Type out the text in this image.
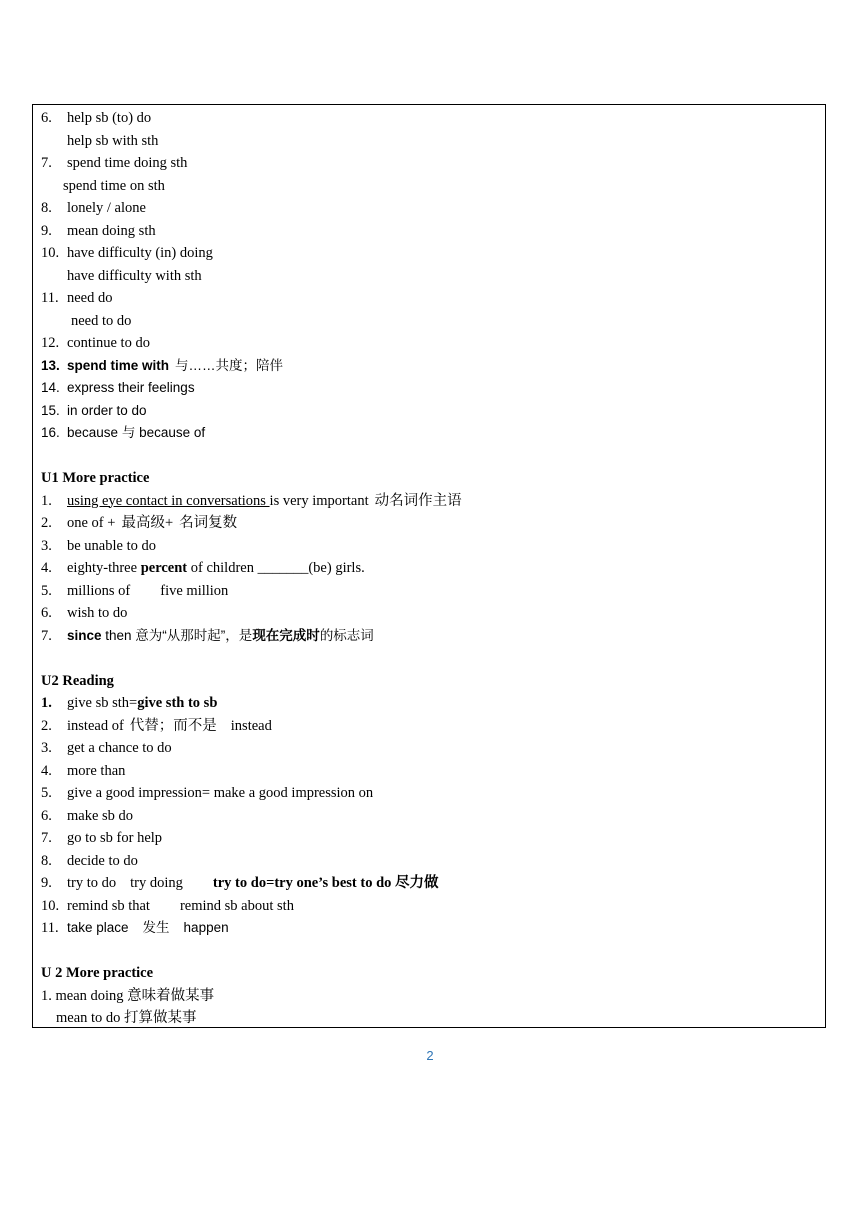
6. help sb (to) do
help sb with sth
7. spend time doing sth
spend time on sth
8. lonely / alone
9. mean doing sth
10. have difficulty (in) doing
have difficulty with sth
11. need do
need to do
12. continue to do
13. spend time with 与……共度；陪伴
14. express their feelings
15. in order to do
16. because 与 because of
U1 More practice
1. using eye contact in conversations is very important 动名词作主语
2. one of + 最高级+ 名词复数
3. be unable to do
4. eighty-three percent of children _______(be) girls.
5. millions of five million
6. wish to do
7. since then 意为“从那时起”，是现在完成时的标志词
U2 Reading
1. give sb sth=give sth to sb
2. instead of 代替；而不是 instead
3. get a chance to do
4. more than
5. give a good impression= make a good impression on
6. make sb do
7. go to sb for help
8. decide to do
9. try to do try doing try to do=try one’s best to do 尽力做
10. remind sb that remind sb about sth
11. take place 发生 happen
U 2 More practice
1. mean doing 意味着做某事
mean to do 打算做某事
2
